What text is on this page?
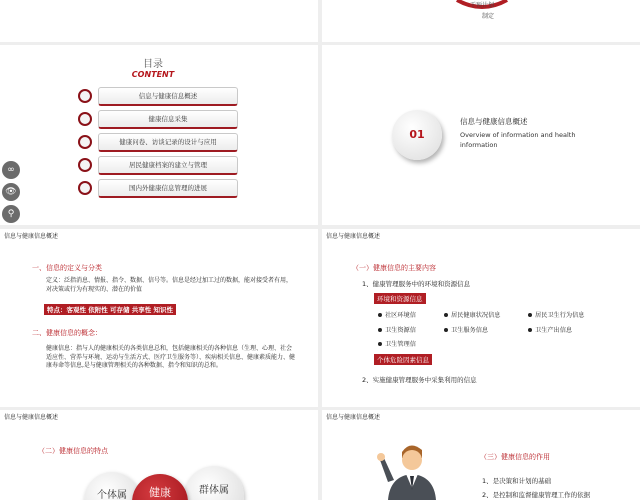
干预计划
制定
目录
CONTENT
信息与健康信息概述
健康信息采集
健康问卷、访谈记录的设计与应用
居民健康档案的建立与管理
国内外健康信息管理的进展
∞
👁
⚲
01
信息与健康信息概述
Overview of information and health information
信息与健康信息概述
一、信息的定义与分类
定义：泛指消息、情报、指令、数据、信号等。信息是经过加工过的数据，能对接受者有用，对决策或行为有现实的、潜在的价值
特点：客观性 依附性 可存储 共享性 知识性
二、健康信息的概念：
健康信息：指与人的健康相关的各类信息总和，包括健康相关的各种信息（生理、心理、社会适应性、营养与环境、运动与生活方式、医疗卫生服务等）、疾病相关信息、健康素质能力、健康寿命等信息,是与健康管理相关的各种数据、指令和知识的总和。
信息与健康信息概述
（一）健康信息的主要内容
1、健康管理服务中的环境和资源信息
环境和资源信息
社区环境信	居民健康状况信息	居民卫生行为信息
卫生资源信	卫生服务信息	卫生产出信息
卫生管理信
个体危险因素信息
2、实施健康管理服务中采集利用的信息
信息与健康信息概述
（二）健康信息的特点
个体属	群体属
健康
信息与健康信息概述
（三）健康信息的作用
1、是决策和计划的基础
2、是控制和监督健康管理工作的依据
